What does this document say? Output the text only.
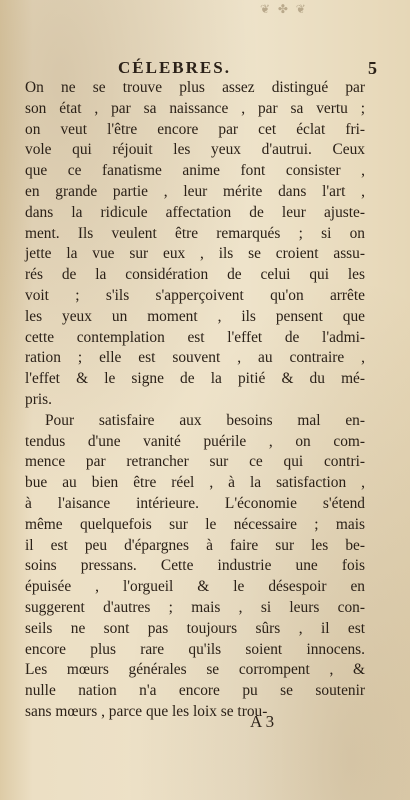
❦ ✤ ❦
CÉLEBRES.	5
On ne se trouve plus assez distingué par
son état , par sa naissance , par sa vertu ;
on veut l'être encore par cet éclat fri-
vole qui réjouit les yeux d'autrui. Ceux
que ce fanatisme anime font consister ,
en grande partie , leur mérite dans l'art ,
dans la ridicule affectation de leur ajuste-
ment. Ils veulent être remarqués ; si on
jette la vue sur eux , ils se croient assu-
rés de la considération de celui qui les
voit ; s'ils s'apperçoivent qu'on arrête
les yeux un moment , ils pensent que
cette contemplation est l'effet de l'admi-
ration ; elle est souvent , au contraire ,
l'effet & le signe de la pitié & du mé-
pris.
Pour satisfaire aux besoins mal en-
tendus d'une vanité puérile , on com-
mence par retrancher sur ce qui contri-
bue au bien être réel , à la satisfaction ,
à l'aisance intérieure. L'économie s'étend
même quelquefois sur le nécessaire ; mais
il est peu d'épargnes à faire sur les be-
soins pressans. Cette industrie une fois
épuisée , l'orgueil & le désespoir en
suggerent d'autres ; mais , si leurs con-
seils ne sont pas toujours sûrs , il est
encore plus rare qu'ils soient innocens.
Les mœurs générales se corrompent , &
nulle nation n'a encore pu se soutenir
sans mœurs , parce que les loix se trou-
A 3
